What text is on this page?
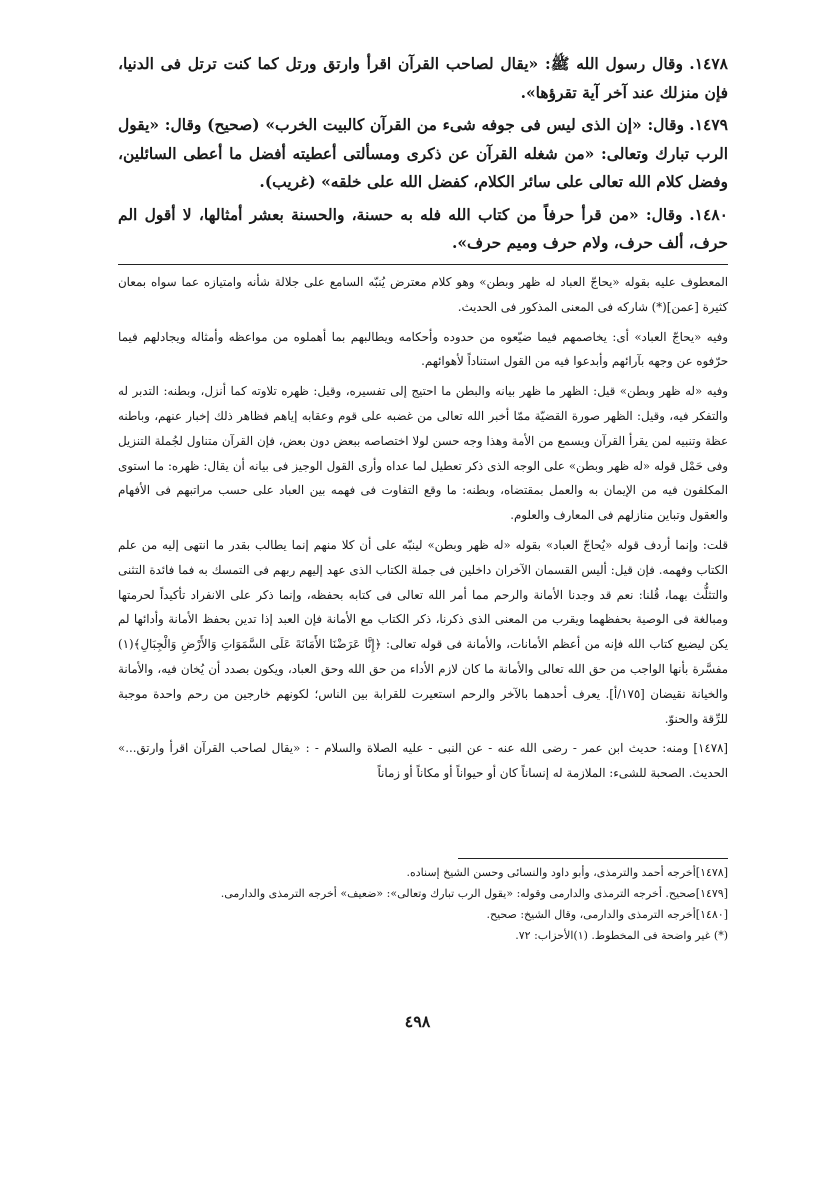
١٤٧٨. وقال رسول الله ﷺ: «يقال لصاحب القرآن اقرأ وارتق ورتل كما كنت ترتل فى الدنيا، فإن منزلك عند آخر آية تقرؤها».

١٤٧٩. وقال: «إن الذى ليس فى جوفه شىء من القرآن كالبيت الخرب» (صحيح) وقال: «يقول الرب تبارك وتعالى: «من شغله القرآن عن ذكرى ومسألتى أعطيته أفضل ما أعطى السائلين، وفضل كلام الله تعالى على سائر الكلام، كفضل الله على خلقه» (غريب).

١٤٨٠. وقال: «من قرأ حرفاً من كتاب الله فله به حسنة، والحسنة بعشر أمثالها، لا أقول الم حرف، ألف حرف، ولام حرف وميم حرف».

المعطوف عليه بقوله «يحاجّ العباد له ظهر وبطن» وهو كلام معترض يُنبّه السامع على جلالة شأنه وامتيازه عما سواه بمعان كثيرة [عمن](*) شاركه فى المعنى المذكور فى الحديث.

وفيه «يحاجّ العباد» أى: يخاصمهم فيما ضيّعوه من حدوده وأحكامه ويطالبهم بما أهملوه من مواعظه وأمثاله ويجادلهم فيما حرّفوه عن وجهه بآرائهم وأبدعوا فيه من القول استناداً لأهوائهم.

وفيه «له ظهر وبطن» قيل: الظهر ما ظهر بيانه والبطن ما احتيج إلى تفسيره، وقيل: ظهره تلاوته كما أنزل، وبطنه: التدبر له والتفكر فيه، وقيل: الظهر صورة القضيّة ممّا أخبر الله تعالى من غضبه على قوم وعقابه إياهم فظاهر ذلك إخبار عنهم، وباطنه عظة وتنبيه لمن يقرأ القرآن ويسمع من الأمة وهذا وجه حسن لولا اختصاصه ببعض دون بعض، فإن القرآن متناول لجُملة التنزيل وفى حَمْل قوله «له ظهر وبطن» على الوجه الذى ذكر تعطيل لما عداه وأرى القول الوجيز فى بيانه أن يقال: ظهره: ما استوى المكلفون فيه من الإيمان به والعمل بمقتضاه، وبطنه: ما وقع التفاوت فى فهمه بين العباد على حسب مراتبهم فى الأفهام والعقول وتباين منازلهم فى المعارف والعلوم.

قلت: وإنما أردف قوله «يُحاجّ العباد» بقوله «له ظهر وبطن» لينبّه على أن كلا منهم إنما يطالب بقدر ما انتهى إليه من علم الكتاب وفهمه. فإن قيل: أليس القسمان الآخران داخلين فى جملة الكتاب الذى عهد إليهم ربهم فى التمسك به فما فائدة التثنى والتثلُّث بهما، قُلنا: نعم قد وجدنا الأمانة والرحم مما أمر الله تعالى فى كتابه بحفظه، وإنما ذكر على الانفراد تأكيداً لحرمتها ومبالغة فى الوصية بحفظهما ويقرب من المعنى الذى ذكرنا، ذكر الكتاب مع الأمانة فإن العبد إذا تدين بحفظ الأمانة وأدائها لم يكن ليضيع كتاب الله فإنه من أعظم الأمانات، والأمانة فى قوله تعالى: ﴿إِنَّا عَرَضْنَا الأَمَانَةَ عَلَى السَّمَوَاتِ وَالأَرْضِ وَالْجِبَالِ﴾(١) مفسَّرة بأنها الواجب من حق الله تعالى والأمانة ما كان لازم الأداء من حق الله وحق العباد، ويكون بصدد أن يُخان فيه، والأمانة والخيانة نقيضان [١٧٥/أ]. يعرف أحدهما بالآخر والرحم استعيرت للقرابة بين الناس؛ لكونهم خارجين من رحم واحدة موجبة للرِّقة والحنوّ.

[١٤٧٨] ومنه: حديث ابن عمر - رضى الله عنه - عن النبى - عليه الصلاة والسلام - : «يقال لصاحب القرآن اقرأ وارتق...» الحديث. الصحبة للشىء: الملازمة له إنساناً كان أو حيواناً أو مكاناً أو زماناً

[١٤٧٨]أخرجه أحمد والترمذى، وأبو داود والنسائى وحسن الشيخ إسناده.

[١٤٧٩]صحيح. أخرجه الترمذى والدارمى وقوله: «يقول الرب تبارك وتعالى»: «ضعيف» أخرجه الترمذى والدارمى.

[١٤٨٠]أخرجه الترمذى والدارمى، وقال الشيخ: صحيح.

(*) غير واضحة فى المخطوط. (١)الأحزاب: ٧٢.

٤٩٨
